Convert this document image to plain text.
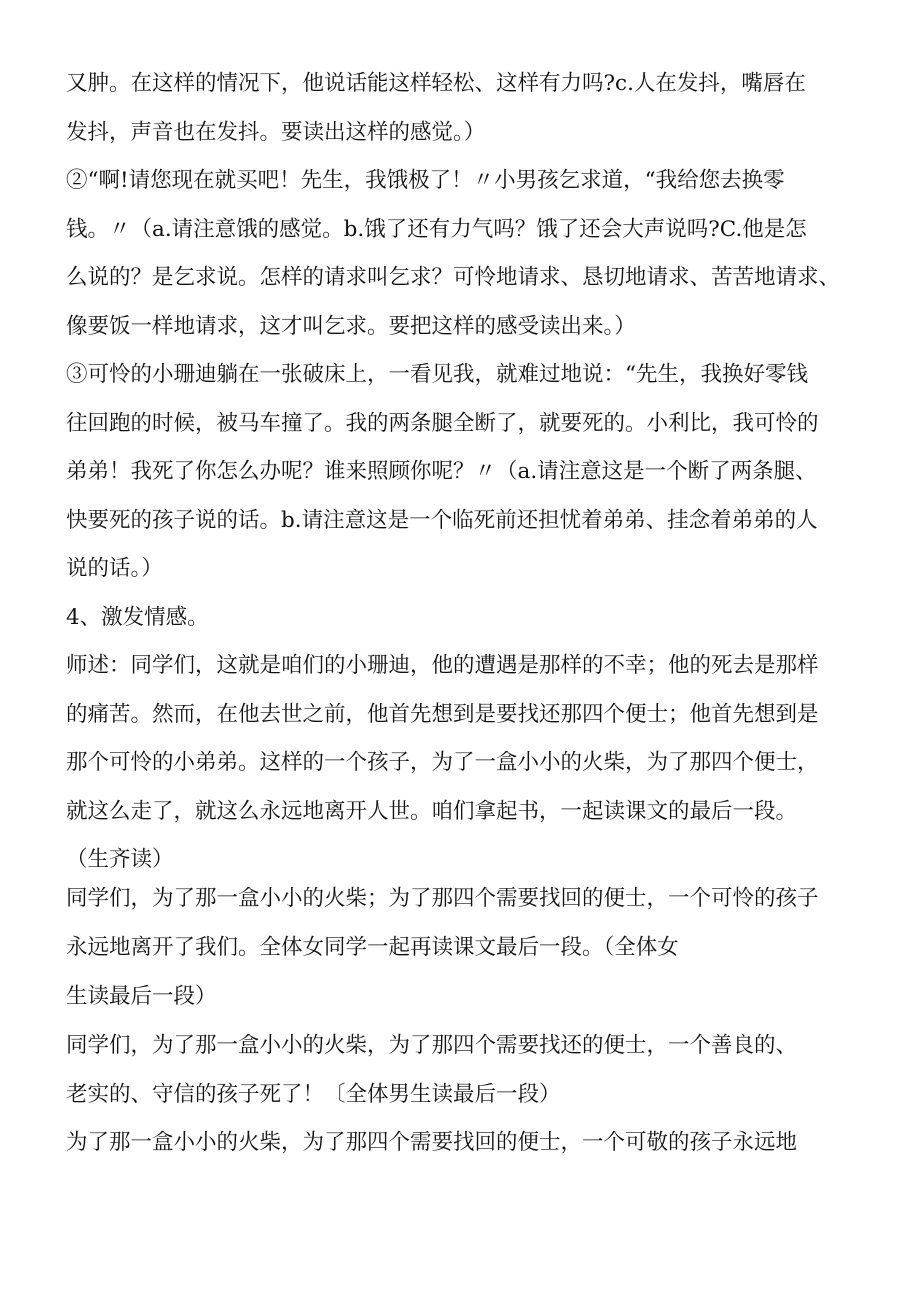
又肿。在这样的情况下，他说话能这样轻松、这样有力吗?c.人在发抖，嘴唇在
发抖，声音也在发抖。要读出这样的感觉。）
②“啊!请您现在就买吧！先生，我饿极了！〃小男孩乞求道，“我给您去换零
钱。〃（a.请注意饿的感觉。b.饿了还有力气吗？饿了还会大声说吗?C.他是怎
么说的？是乞求说。怎样的请求叫乞求？可怜地请求、恳切地请求、苦苦地请求、
像要饭一样地请求，这才叫乞求。要把这样的感受读出来。）
③可怜的小珊迪躺在一张破床上，一看见我，就难过地说：“先生，我换好零钱
往回跑的时候，被马车撞了。我的两条腿全断了，就要死的。小利比，我可怜的
弟弟！我死了你怎么办呢？谁来照顾你呢？〃（a.请注意这是一个断了两条腿、
快要死的孩子说的话。b.请注意这是一个临死前还担忧着弟弟、挂念着弟弟的人
说的话。）
4、激发情感。
师述：同学们，这就是咱们的小珊迪，他的遭遇是那样的不幸；他的死去是那样
的痛苦。然而，在他去世之前，他首先想到是要找还那四个便士；他首先想到是
那个可怜的小弟弟。这样的一个孩子，为了一盒小小的火柴，为了那四个便士，
就这么走了，就这么永远地离开人世。咱们拿起书，一起读课文的最后一段。
（生齐读）
同学们，为了那一盒小小的火柴；为了那四个需要找回的便士，一个可怜的孩子
永远地离开了我们。全体女同学一起再读课文最后一段。（全体女
生读最后一段）
同学们，为了那一盒小小的火柴，为了那四个需要找还的便士，一个善良的、
老实的、守信的孩子死了！〔全体男生读最后一段）
为了那一盒小小的火柴，为了那四个需要找回的便士，一个可敬的孩子永远地
